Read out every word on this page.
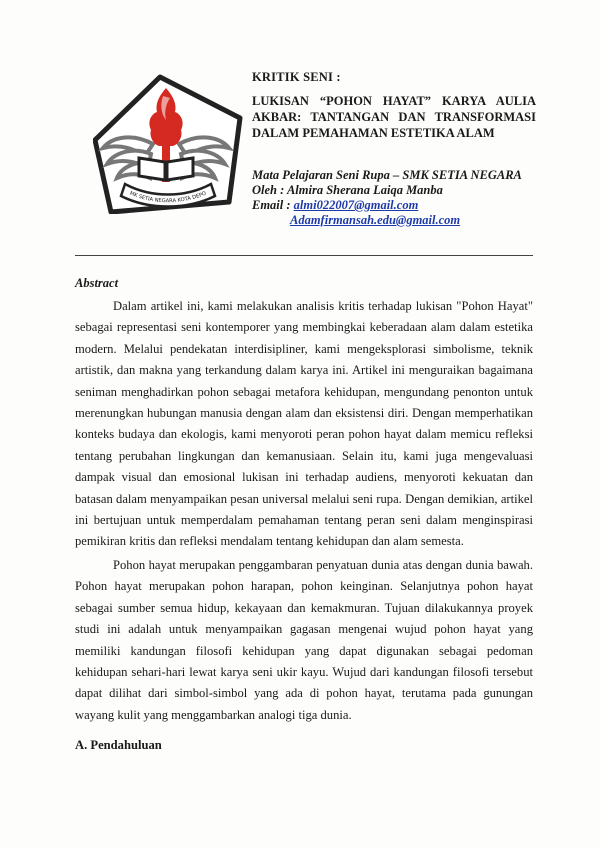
MK SETIA NEGARA KOTA DEPO

KRITIK SENI :

LUKISAN “POHON HAYAT” KARYA AULIA AKBAR: TANTANGAN DAN TRANSFORMASI DALAM PEMAHAMAN ESTETIKA ALAM

Mata Pelajaran Seni Rupa – SMK SETIA NEGARA
Oleh : Almira Sherana Laiqa Manba
Email : almi022007@gmail.com
Adamfirmansah.edu@gmail.com
Abstract

Dalam artikel ini, kami melakukan analisis kritis terhadap lukisan "Pohon Hayat" sebagai representasi seni kontemporer yang membingkai keberadaan alam dalam estetika modern. Melalui pendekatan interdisipliner, kami mengeksplorasi simbolisme, teknik artistik, dan makna yang terkandung dalam karya ini. Artikel ini menguraikan bagaimana seniman menghadirkan pohon sebagai metafora kehidupan, mengundang penonton untuk merenungkan hubungan manusia dengan alam dan eksistensi diri. Dengan memperhatikan konteks budaya dan ekologis, kami menyoroti peran pohon hayat dalam memicu refleksi tentang perubahan lingkungan dan kemanusiaan. Selain itu, kami juga mengevaluasi dampak visual dan emosional lukisan ini terhadap audiens, menyoroti kekuatan dan batasan dalam menyampaikan pesan universal melalui seni rupa. Dengan demikian, artikel ini bertujuan untuk memperdalam pemahaman tentang peran seni dalam menginspirasi pemikiran kritis dan refleksi mendalam tentang kehidupan dan alam semesta.

Pohon hayat merupakan penggambaran penyatuan dunia atas dengan dunia bawah. Pohon hayat merupakan pohon harapan, pohon keinginan. Selanjutnya pohon hayat sebagai sumber semua hidup, kekayaan dan kemakmuran. Tujuan dilakukannya proyek studi ini adalah untuk menyampaikan gagasan mengenai wujud pohon hayat yang memiliki kandungan filosofi kehidupan yang dapat digunakan sebagai pedoman kehidupan sehari-hari lewat karya seni ukir kayu. Wujud dari kandungan filosofi tersebut dapat dilihat dari simbol-simbol yang ada di pohon hayat, terutama pada gunungan wayang kulit yang menggambarkan analogi tiga dunia.

A. Pendahuluan
